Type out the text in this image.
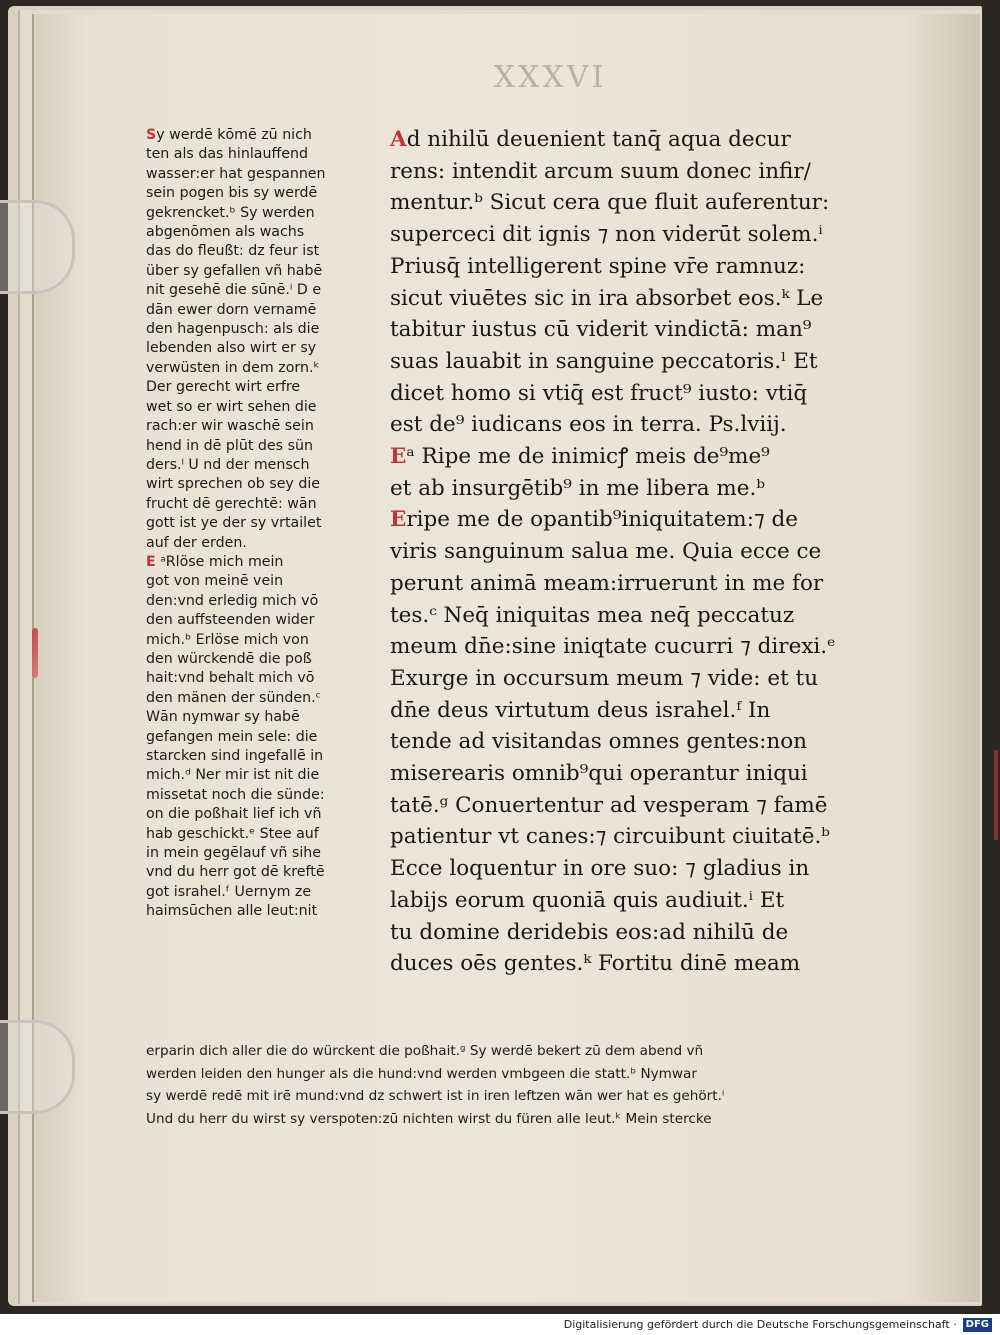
XXXVI
Sy werdē kōmē zū nich
ten als das hinlauffend
wasser:er hat gespannen
sein pogen bis sy werdē
gekrencket.ᵇ Sy werden
abgenōmen als wachs
das do fleußt: dz feur ist
über sy gefallen vñ habē
nit gesehē die sūnē.ⁱ D e
dān ewer dorn vernamē
den hagenpusch: als die
lebenden also wirt er sy
verwüsten in dem zorn.ᵏ
Der gerecht wirt erfre
wet so er wirt sehen die
rach:er wir waschē sein
hend in dē plūt des sün
ders.ˡ U nd der mensch
wirt sprechen ob sey die
frucht dē gerechtē: wān
gott ist ye der sy vrtailet
auf der erden.
E ᵃRlöse mich mein
got von meinē vein
den:vnd erledig mich vō
den auffsteenden wider
mich.ᵇ Erlöse mich von
den würckendē die poß
hait:vnd behalt mich vō
den mänen der sünden.ᶜ
Wān nymwar sy habē
gefangen mein sele: die
starcken sind ingefallē in
mich.ᵈ Ner mir ist nit die
missetat noch die sünde:
on die poßhait lief ich vñ
hab geschickt.ᵉ Stee auf
in mein gegēlauf vñ sihe
vnd du herr got dē kreftē
got israhel.ᶠ Uernym ze
haimsūchen alle leut:nit
Ad nihilū deuenient tanq̄ aqua decur
rens: intendit arcum suum donec infir/
mentur.ᵇ Sicut cera que fluit auferentur:
superceci dit ignis ⁊ non viderūt solem.ⁱ
Priusq̄ intelligerent spine vr̄e ramnuz:
sicut viuētes sic in ira absorbet eos.ᵏ Le
tabitur iustus cū viderit vindictā: man⁹
suas lauabit in sanguine peccatoris.ˡ Et
dicet homo si vtiq̄ est fruct⁹ iusto: vtiq̄
est de⁹ iudicans eos in terra. Ps.lviij.
Eᵃ Ripe me de inimicꝭ meis de⁹me⁹
et ab insurgētib⁹ in me libera me.ᵇ
Eripe me de opantib⁹iniquitatem:⁊ de
viris sanguinum salua me. Quia ecce ce
perunt animā meam:irruerunt in me for
tes.ᶜ Neq̄ iniquitas mea neq̄ peccatuz
meum dn̄e:sine iniqtate cucurri ⁊ direxi.ᵉ
Exurge in occursum meum ⁊ vide: et tu
dn̄e deus virtutum deus israhel.ᶠ In
tende ad visitandas omnes gentes:non
miserearis omnib⁹qui operantur iniqui
tatē.ᵍ Conuertentur ad vesperam ⁊ famē
patientur vt canes:⁊ circuibunt ciuitatē.ᵇ
Ecce loquentur in ore suo: ⁊ gladius in
labijs eorum quoniā quis audiuit.ⁱ Et
tu domine deridebis eos:ad nihilū de
duces oēs gentes.ᵏ Fortitu dinē meam
erparin dich aller die do würckent die poßhait.ᵍ Sy werdē bekert zū dem abend vñ
werden leiden den hunger als die hund:vnd werden vmbgeen die statt.ᵇ Nymwar
sy werdē redē mit irē mund:vnd dz schwert ist in iren leftzen wān wer hat es gehört.ⁱ
Und du herr du wirst sy verspoten:zū nichten wirst du füren alle leut.ᵏ Mein stercke
Digitalisierung gefördert durch die Deutsche Forschungsgemeinschaft · DFG
